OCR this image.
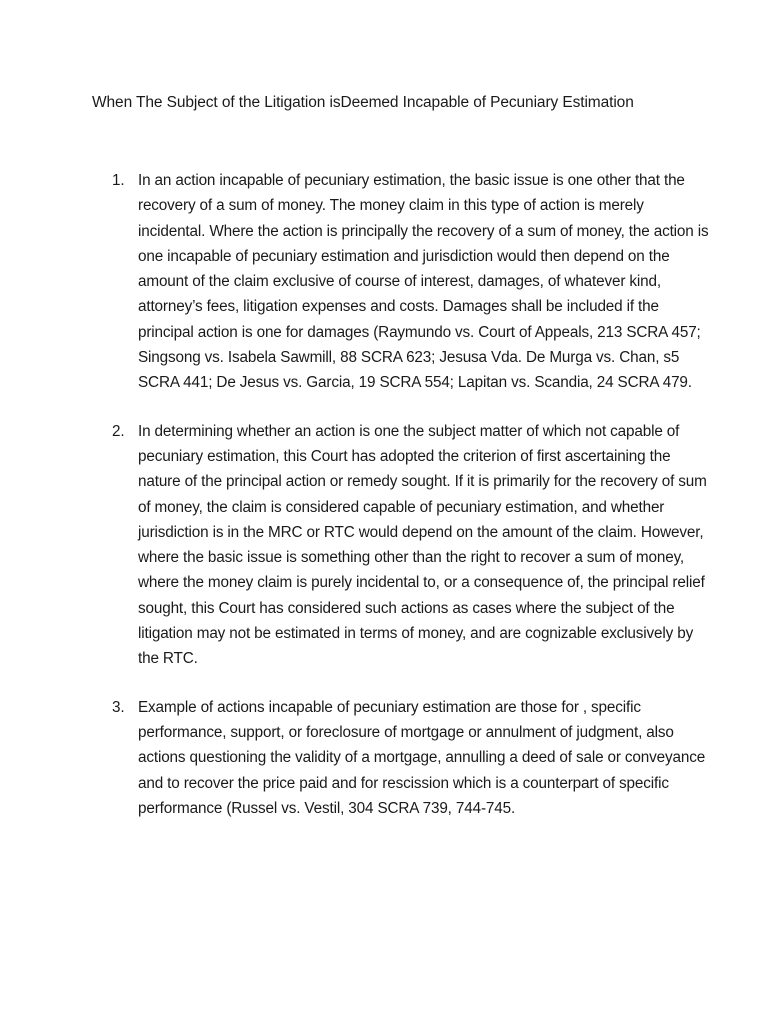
When The Subject of the Litigation isDeemed Incapable of Pecuniary Estimation
1. In an action incapable of pecuniary estimation, the basic issue is one other that the recovery of a sum of money. The money claim in this type of action is merely incidental. Where the action is principally the recovery of a sum of money, the action is one incapable of pecuniary estimation and jurisdiction would then depend on the amount of the claim exclusive of course of interest, damages, of whatever kind, attorney’s fees, litigation expenses and costs. Damages shall be included if the principal action is one for damages (Raymundo vs. Court of Appeals, 213 SCRA 457; Singsong vs. Isabela Sawmill, 88 SCRA 623; Jesusa Vda. De Murga vs. Chan, s5 SCRA 441; De Jesus vs. Garcia, 19 SCRA 554; Lapitan vs. Scandia, 24 SCRA 479.
2. In determining whether an action is one the subject matter of which not capable of pecuniary estimation, this Court has adopted the criterion of first ascertaining the nature of the principal action or remedy sought. If it is primarily for the recovery of sum of money, the claim is considered capable of pecuniary estimation, and whether jurisdiction is in the MRC or RTC would depend on the amount of the claim. However, where the basic issue is something other than the right to recover a sum of money, where the money claim is purely incidental to, or a consequence of, the principal relief sought, this Court has considered such actions as cases where the subject of the litigation may not be estimated in terms of money, and are cognizable exclusively by the RTC.
3. Example of actions incapable of pecuniary estimation are those for , specific performance, support, or foreclosure of mortgage or annulment of judgment, also actions questioning the validity of a mortgage, annulling a deed of sale or conveyance and to recover the price paid and for rescission which is a counterpart of specific performance (Russel vs. Vestil, 304 SCRA 739, 744-745.
